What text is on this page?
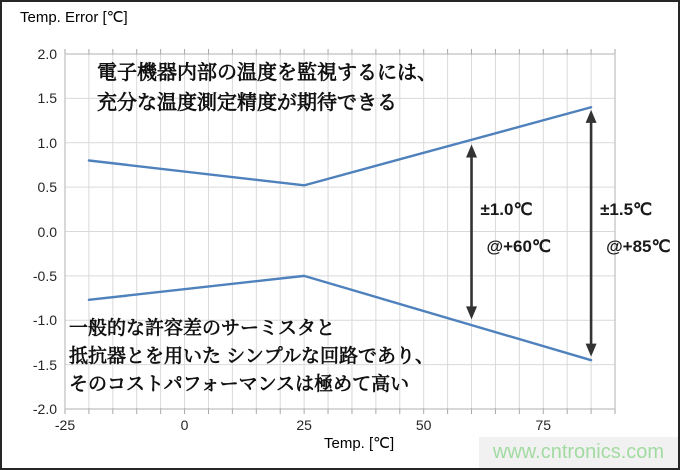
Temp. Error [℃]
2.0
1.5
1.0
0.5
0.0
-0.5
-1.0
-1.5
-2.0
-25	0	25	50	75
電子機器内部の温度を監視するには、
充分な温度測定精度が期待できる
一般的な許容差のサーミスタと
抵抗器とを用いた シンプルな回路であり、
そのコストパフォーマンスは極めて高い
±1.0℃
@+60℃
±1.5℃
@+85℃
Temp. [℃]	www.cntronics.com
